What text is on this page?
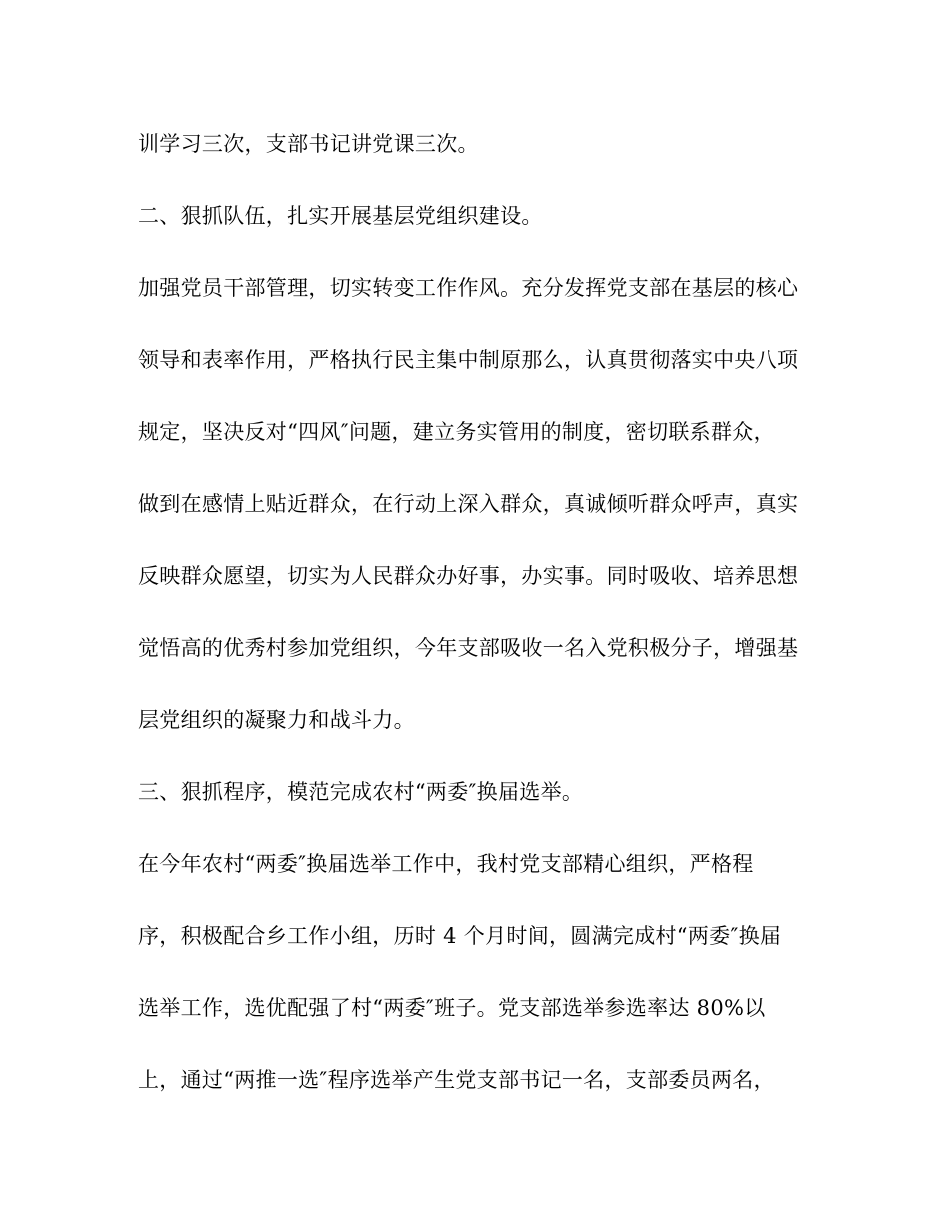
训学习三次，支部书记讲党课三次。
二、狠抓队伍，扎实开展基层党组织建设。
加强党员干部管理，切实转变工作作风。充分发挥党支部在基层的核心
领导和表率作用，严格执行民主集中制原那么，认真贯彻落实中央八项
规定，坚决反对“四风″问题，建立务实管用的制度，密切联系群众，
做到在感情上贴近群众，在行动上深入群众，真诚倾听群众呼声，真实
反映群众愿望，切实为人民群众办好事，办实事。同时吸收、培养思想
觉悟高的优秀村参加党组织，今年支部吸收一名入党积极分子，增强基
层党组织的凝聚力和战斗力。
三、狠抓程序，模范完成农村“两委″换届选举。
在今年农村“两委″换届选举工作中，我村党支部精心组织，严格程
序，积极配合乡工作小组，历时 4 个月时间，圆满完成村“两委″换届
选举工作，选优配强了村“两委″班子。党支部选举参选率达 80%以
上，通过“两推一选″程序选举产生党支部书记一名，支部委员两名，
